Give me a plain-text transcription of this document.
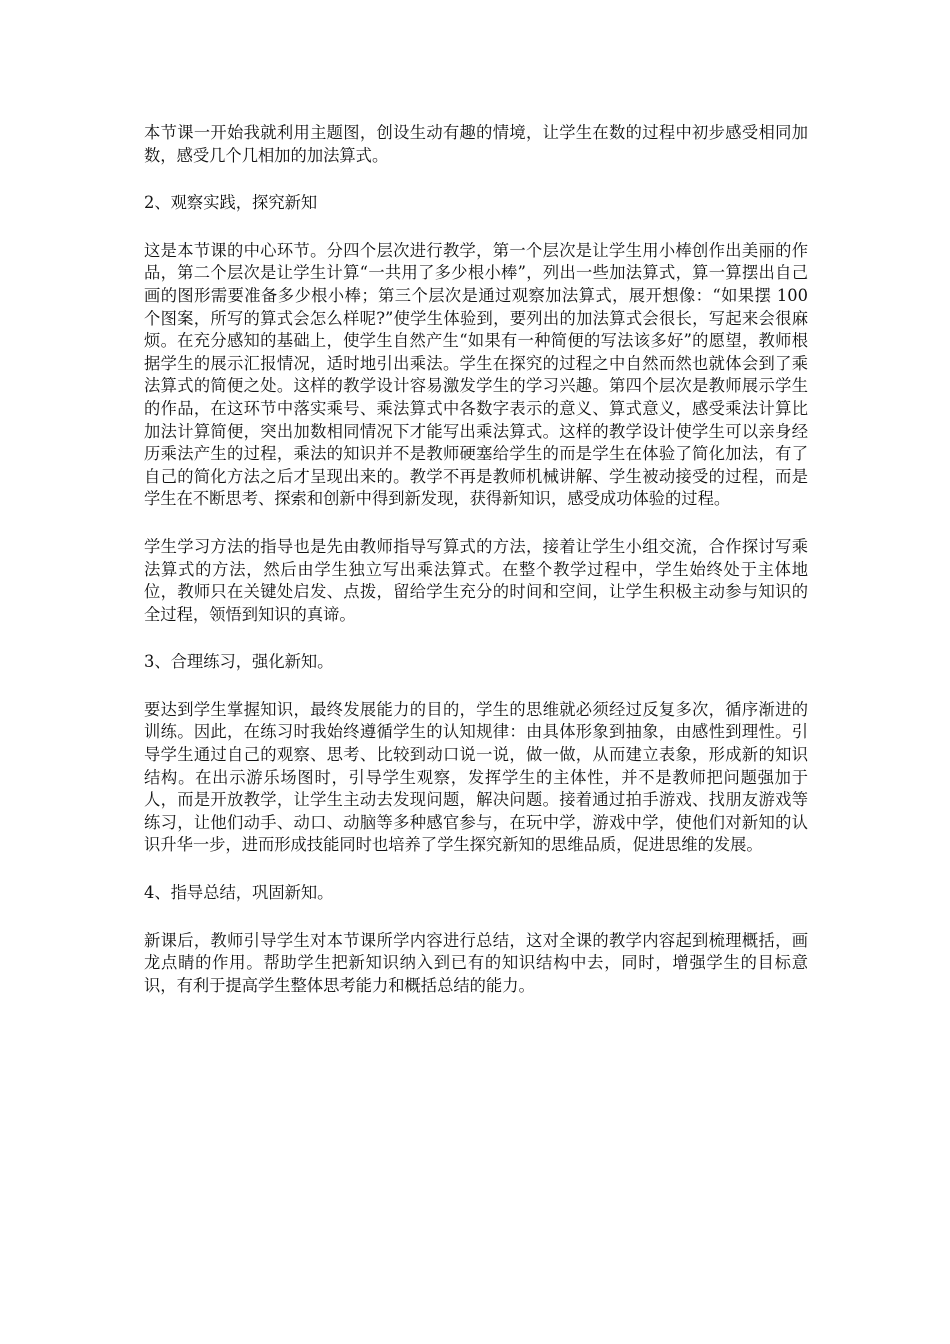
本节课一开始我就利用主题图，创设生动有趣的情境，让学生在数的过程中初步感受相同加数，感受几个几相加的加法算式。

2、观察实践，探究新知

这是本节课的中心环节。分四个层次进行教学，第一个层次是让学生用小棒创作出美丽的作品，第二个层次是让学生计算“一共用了多少根小棒”，列出一些加法算式，算一算摆出自己画的图形需要准备多少根小棒；第三个层次是通过观察加法算式，展开想像：“如果摆 100 个图案，所写的算式会怎么样呢?”使学生体验到，要列出的加法算式会很长，写起来会很麻烦。在充分感知的基础上，使学生自然产生“如果有一种简便的写法该多好”的愿望，教师根据学生的展示汇报情况，适时地引出乘法。学生在探究的过程之中自然而然也就体会到了乘法算式的简便之处。这样的教学设计容易激发学生的学习兴趣。第四个层次是教师展示学生的作品，在这环节中落实乘号、乘法算式中各数字表示的意义、算式意义，感受乘法计算比加法计算简便，突出加数相同情况下才能写出乘法算式。这样的教学设计使学生可以亲身经历乘法产生的过程，乘法的知识并不是教师硬塞给学生的而是学生在体验了简化加法，有了自己的简化方法之后才呈现出来的。教学不再是教师机械讲解、学生被动接受的过程，而是学生在不断思考、探索和创新中得到新发现，获得新知识，感受成功体验的过程。

学生学习方法的指导也是先由教师指导写算式的方法，接着让学生小组交流，合作探讨写乘法算式的方法，然后由学生独立写出乘法算式。在整个教学过程中，学生始终处于主体地位，教师只在关键处启发、点拨，留给学生充分的时间和空间，让学生积极主动参与知识的全过程，领悟到知识的真谛。

3、合理练习，强化新知。

要达到学生掌握知识，最终发展能力的目的，学生的思维就必须经过反复多次，循序渐进的训练。因此，在练习时我始终遵循学生的认知规律：由具体形象到抽象，由感性到理性。引导学生通过自己的观察、思考、比较到动口说一说，做一做，从而建立表象，形成新的知识结构。在出示游乐场图时，引导学生观察，发挥学生的主体性，并不是教师把问题强加于人，而是开放教学，让学生主动去发现问题，解决问题。接着通过拍手游戏、找朋友游戏等练习，让他们动手、动口、动脑等多种感官参与，在玩中学，游戏中学，使他们对新知的认识升华一步，进而形成技能同时也培养了学生探究新知的思维品质，促进思维的发展。

4、指导总结，巩固新知。

新课后，教师引导学生对本节课所学内容进行总结，这对全课的教学内容起到梳理概括，画龙点睛的作用。帮助学生把新知识纳入到已有的知识结构中去，同时，增强学生的目标意识，有利于提高学生整体思考能力和概括总结的能力。
